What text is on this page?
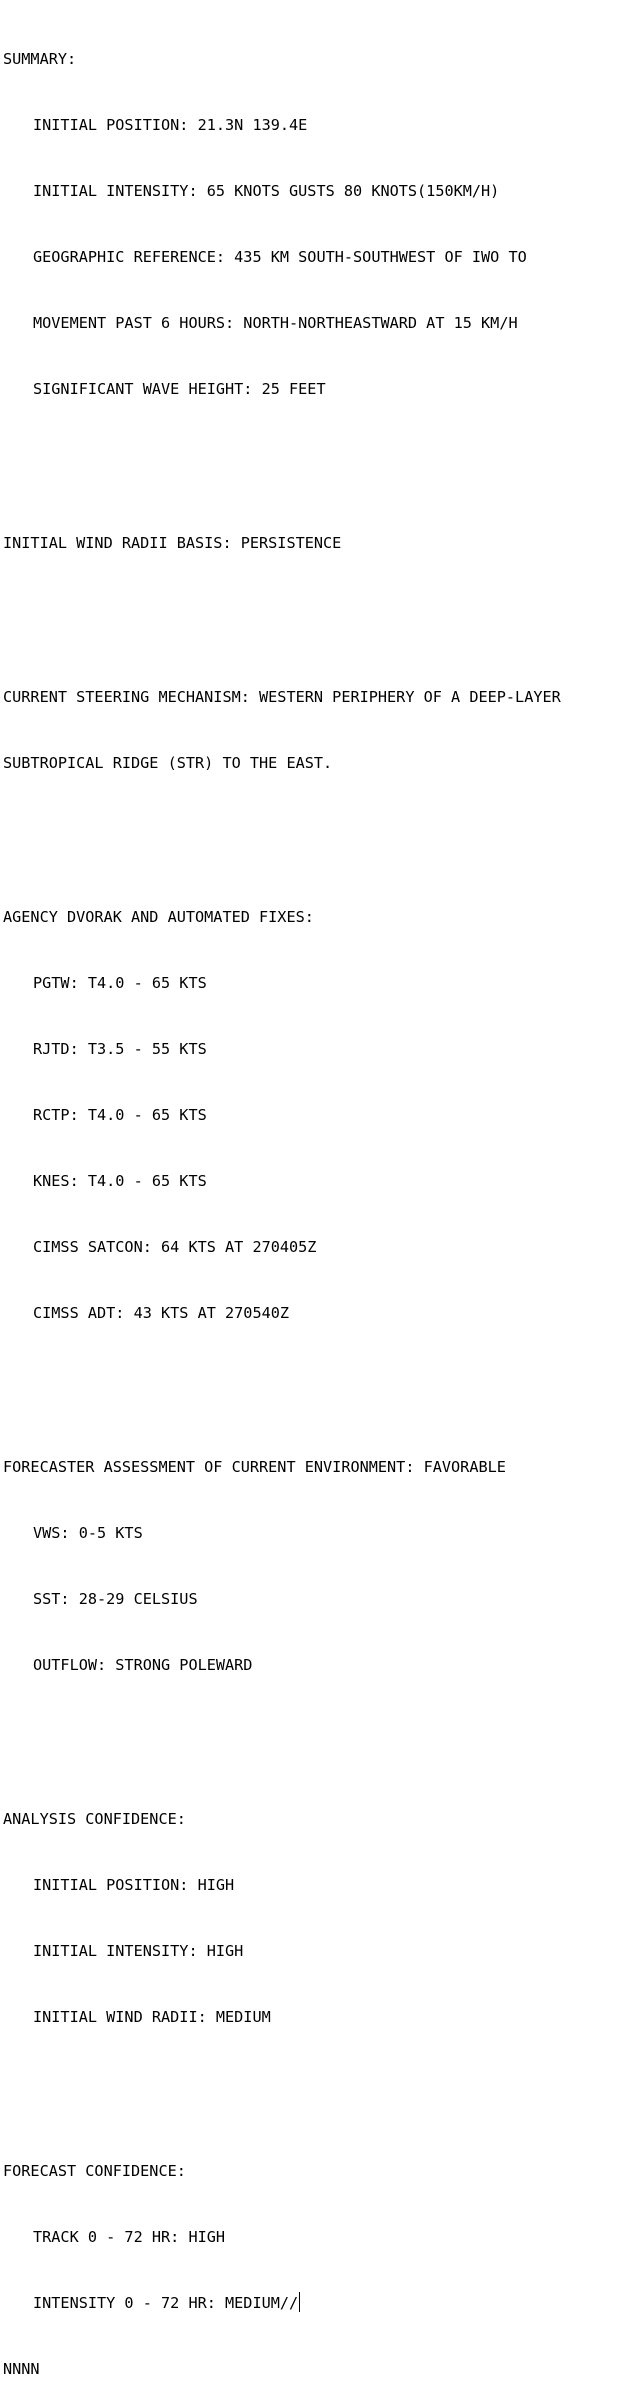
SUMMARY:

INITIAL POSITION: 21.3N 139.4E

INITIAL INTENSITY: 65 KNOTS GUSTS 80 KNOTS(150KM/H)

GEOGRAPHIC REFERENCE: 435 KM SOUTH-SOUTHWEST OF IWO TO

MOVEMENT PAST 6 HOURS: NORTH-NORTHEASTWARD AT 15 KM/H

SIGNIFICANT WAVE HEIGHT: 25 FEET

INITIAL WIND RADII BASIS: PERSISTENCE

CURRENT STEERING MECHANISM: WESTERN PERIPHERY OF A DEEP-LAYER

SUBTROPICAL RIDGE (STR) TO THE EAST.

AGENCY DVORAK AND AUTOMATED FIXES:

PGTW: T4.0 - 65 KTS

RJTD: T3.5 - 55 KTS

RCTP: T4.0 - 65 KTS

KNES: T4.0 - 65 KTS

CIMSS SATCON: 64 KTS AT 270405Z

CIMSS ADT: 43 KTS AT 270540Z

FORECASTER ASSESSMENT OF CURRENT ENVIRONMENT: FAVORABLE

VWS: 0-5 KTS

SST: 28-29 CELSIUS

OUTFLOW: STRONG POLEWARD

ANALYSIS CONFIDENCE:

INITIAL POSITION: HIGH

INITIAL INTENSITY: HIGH

INITIAL WIND RADII: MEDIUM

FORECAST CONFIDENCE:

TRACK 0 - 72 HR: HIGH

INTENSITY 0 - 72 HR: MEDIUM//

NNNN
